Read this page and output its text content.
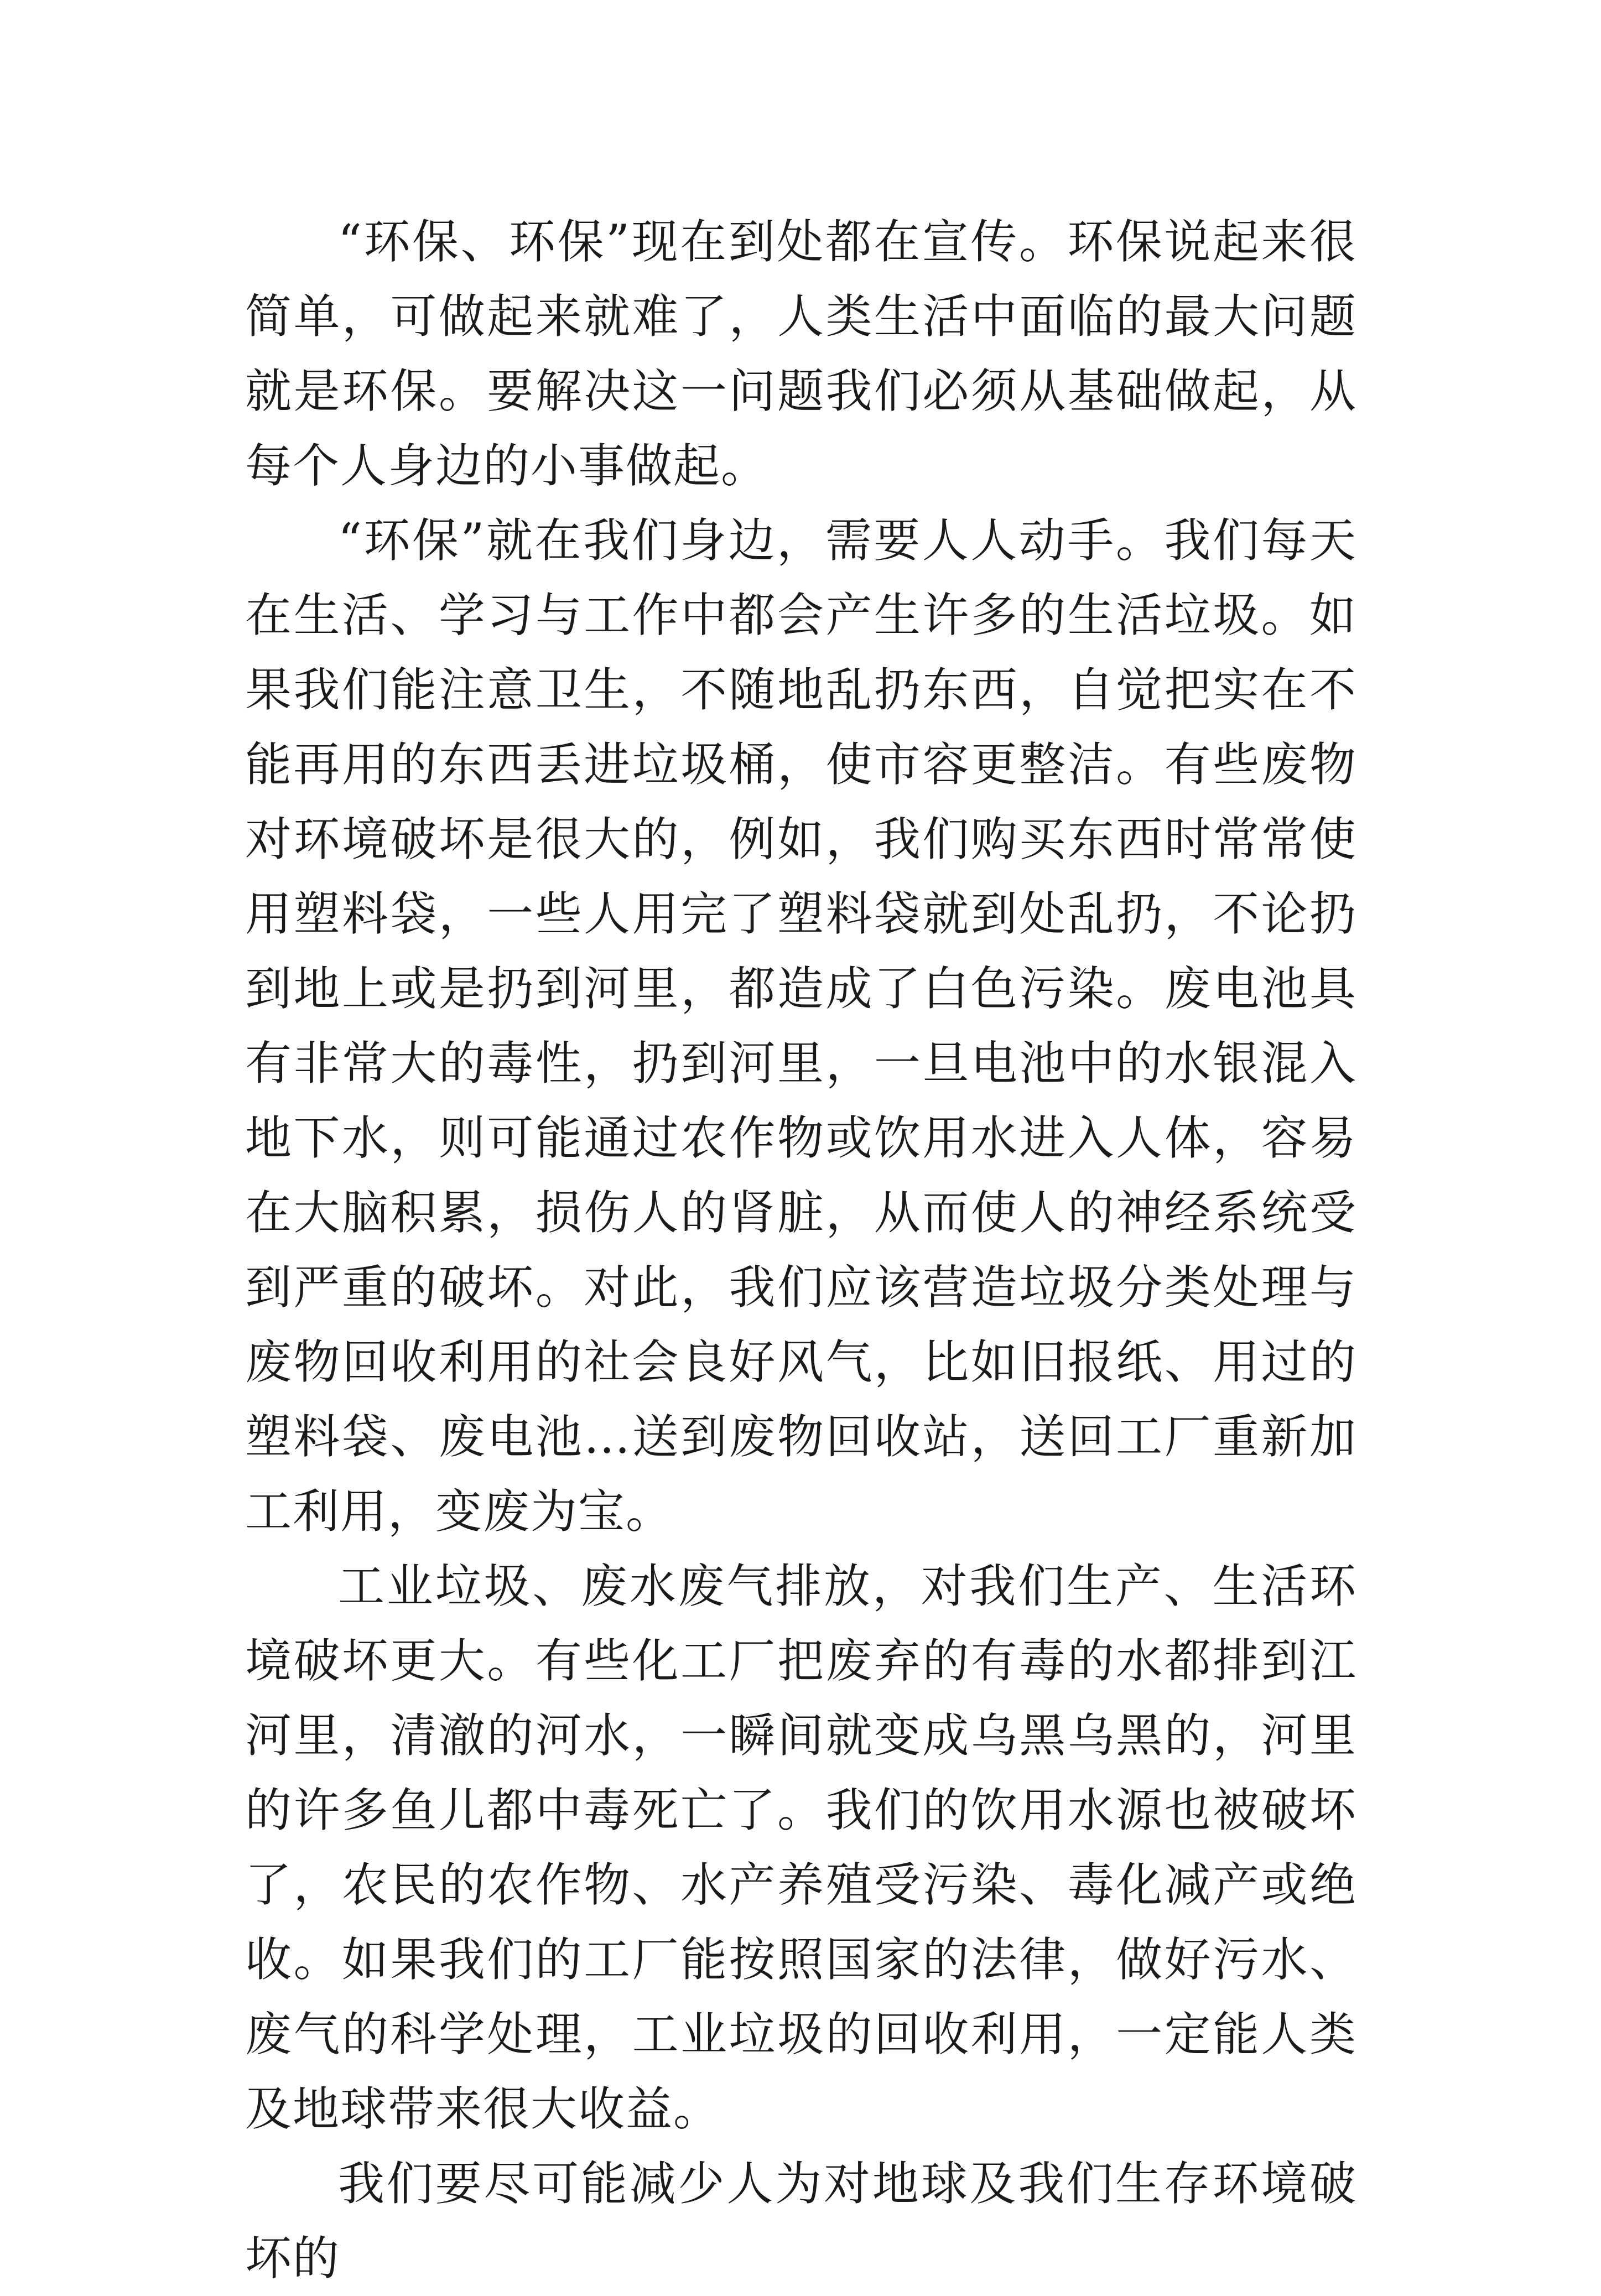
“环保、环保”现在到处都在宣传。环保说起来很简单，可做起来就难了，人类生活中面临的最大问题就是环保。要解决这一问题我们必须从基础做起，从每个人身边的小事做起。

“环保”就在我们身边，需要人人动手。我们每天在生活、学习与工作中都会产生许多的生活垃圾。如果我们能注意卫生，不随地乱扔东西，自觉把实在不能再用的东西丢进垃圾桶，使市容更整洁。有些废物对环境破坏是很大的，例如，我们购买东西时常常使用塑料袋，一些人用完了塑料袋就到处乱扔，不论扔到地上或是扔到河里，都造成了白色污染。废电池具有非常大的毒性，扔到河里，一旦电池中的水银混入地下水，则可能通过农作物或饮用水进入人体，容易在大脑积累，损伤人的肾脏，从而使人的神经系统受到严重的破坏。对此，我们应该营造垃圾分类处理与废物回收利用的社会良好风气，比如旧报纸、用过的塑料袋、废电池…送到废物回收站，送回工厂重新加工利用，变废为宝。

工业垃圾、废水废气排放，对我们生产、生活环境破坏更大。有些化工厂把废弃的有毒的水都排到江河里，清澈的河水，一瞬间就变成乌黑乌黑的，河里的许多鱼儿都中毒死亡了。我们的饮用水源也被破坏了，农民的农作物、水产养殖受污染、毒化减产或绝收。如果我们的工厂能按照国家的法律，做好污水、废气的科学处理，工业垃圾的回收利用，一定能人类及地球带来很大收益。

我们要尽可能减少人为对地球及我们生存环境破坏的
